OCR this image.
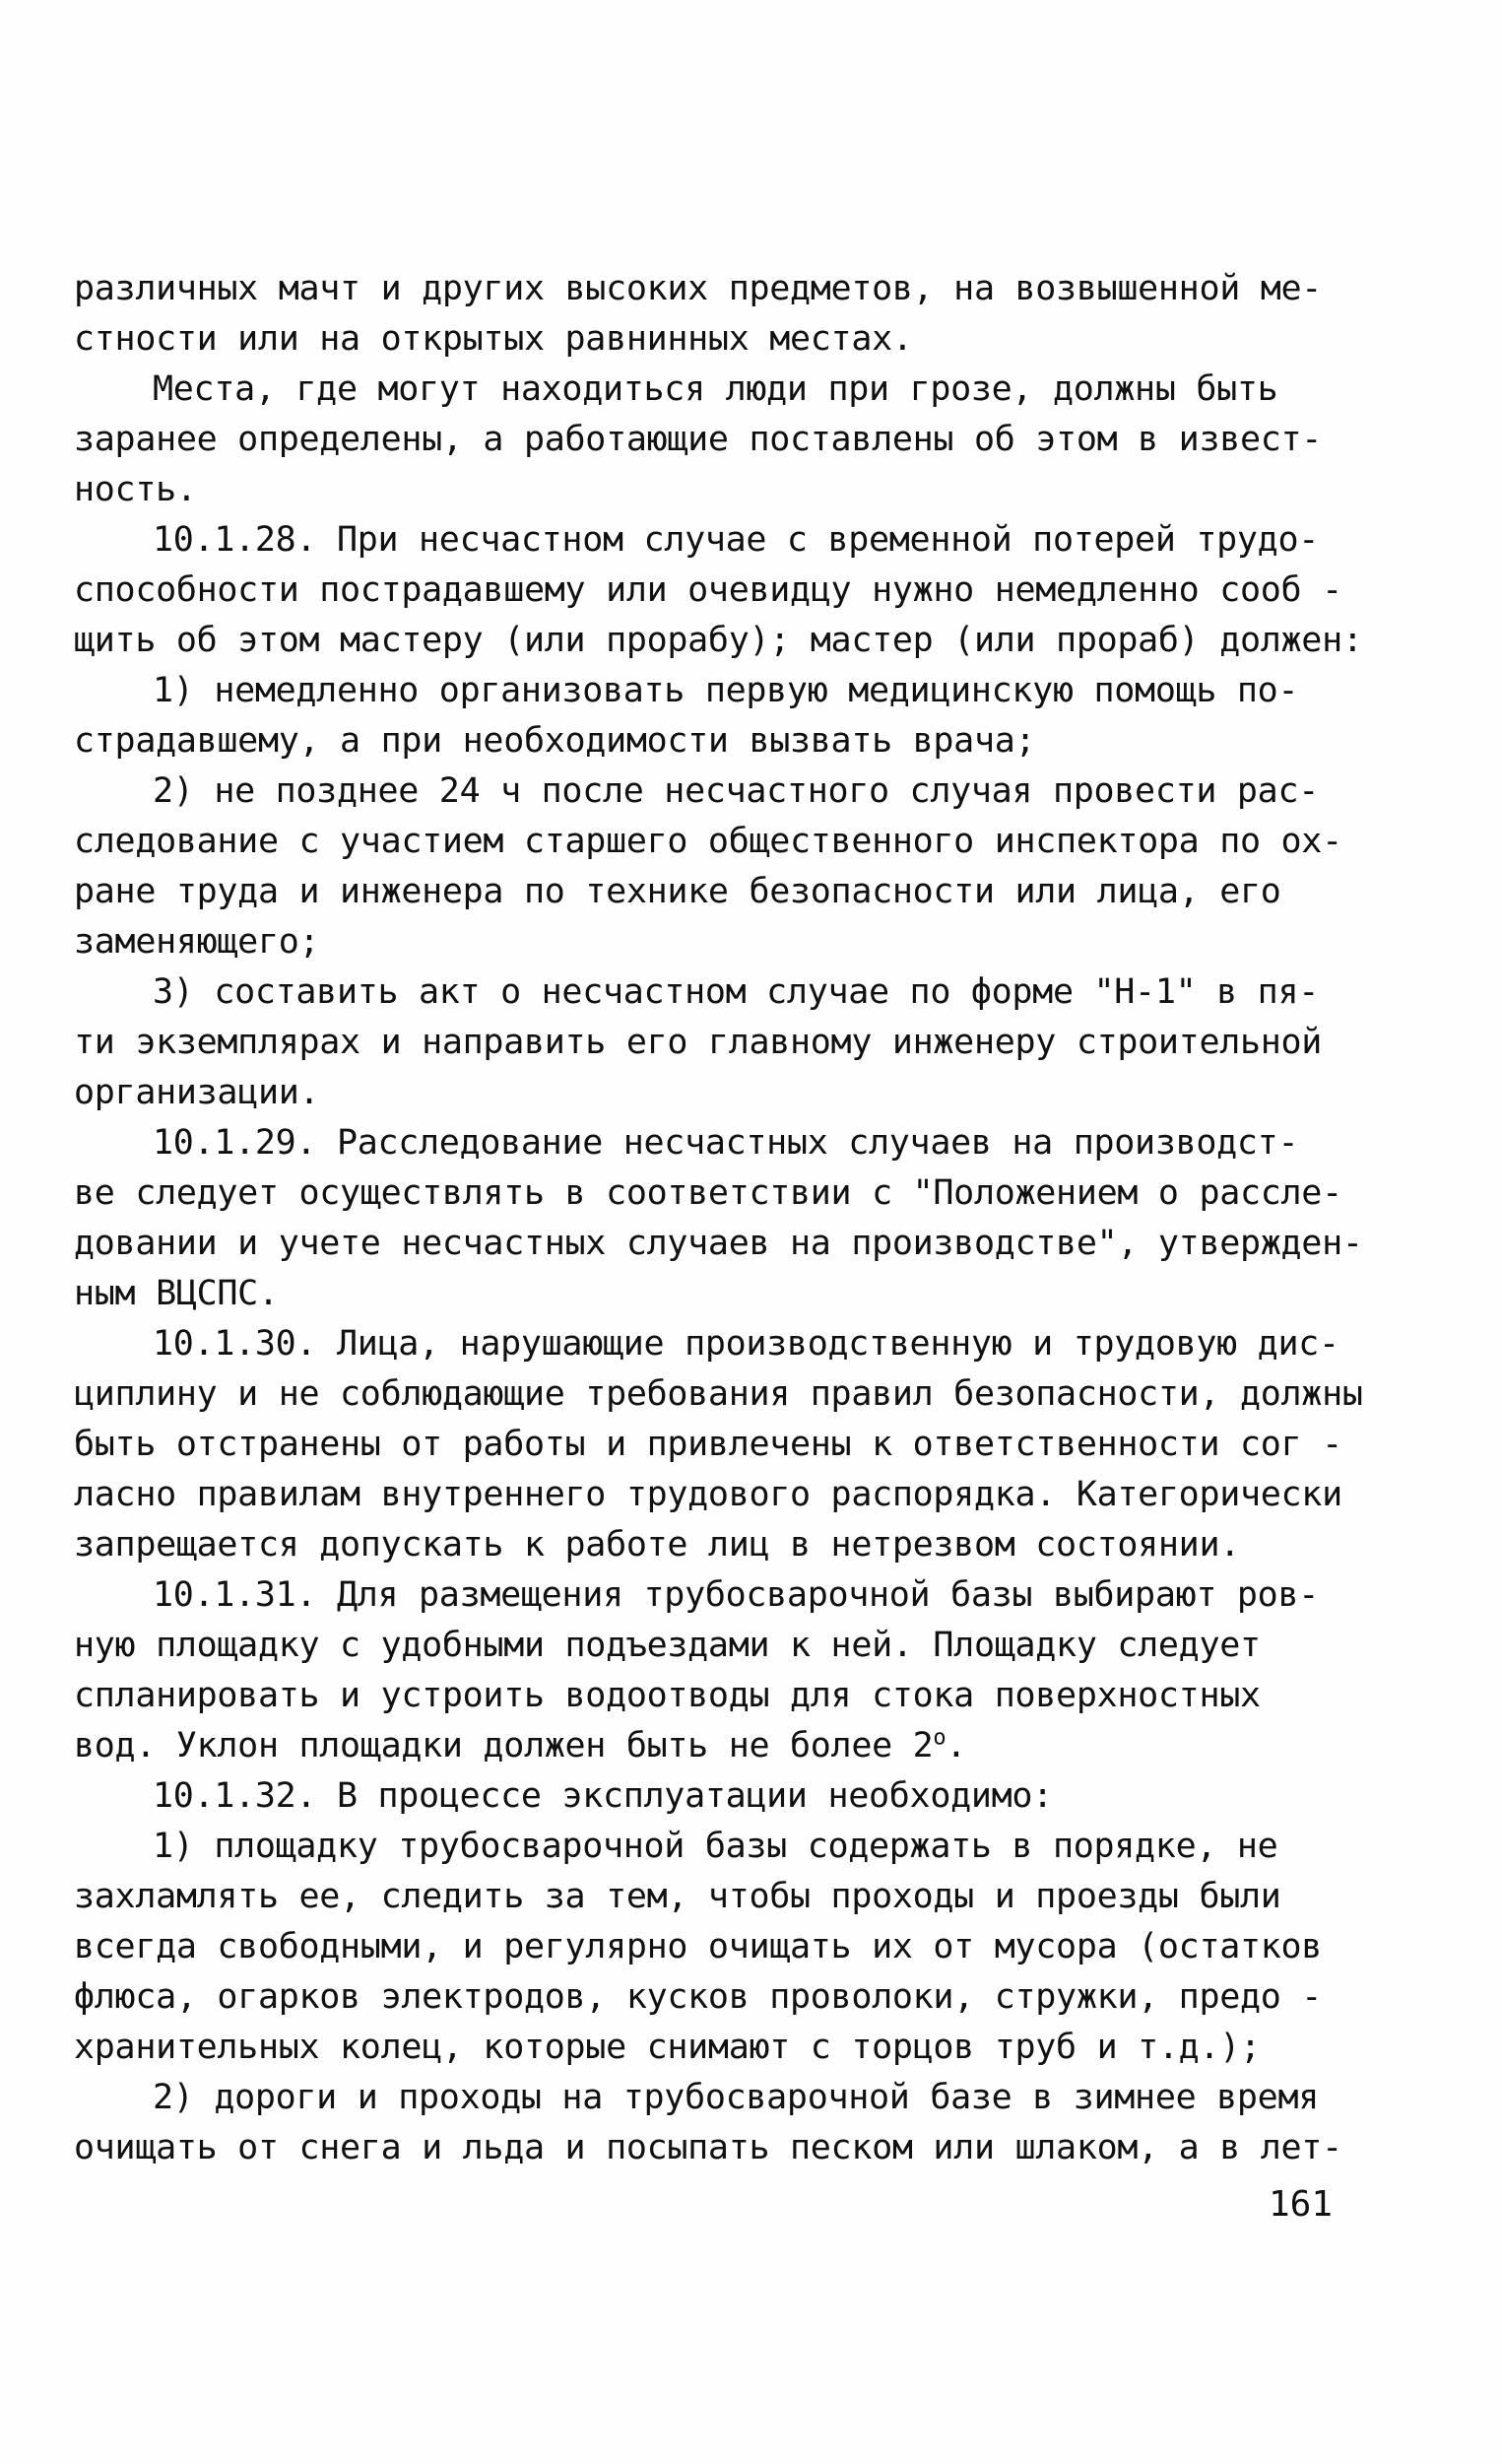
различных мачт и других высоких предметов, на возвышенной ме-
стности или на открытых равнинных местах.
Места, где могут находиться люди при грозе, должны быть
заранее определены, а работающие поставлены об этом в извест-
ность.
10.1.28. При несчастном случае с временной потерей трудо-
способности пострадавшему или очевидцу нужно немедленно сооб -
щить об этом мастеру (или прорабу); мастер (или прораб) должен:
1) немедленно организовать первую медицинскую помощь по-
страдавшему, а при необходимости вызвать врача;
2) не позднее 24 ч после несчастного случая провести рас-
следование с участием старшего общественного инспектора по ох-
ране труда и инженера по технике безопасности или лица, его
заменяющего;
3) составить акт о несчастном случае по форме "Н-1" в пя-
ти экземплярах и направить его главному инженеру строительной
организации.
10.1.29. Расследование несчастных случаев на производст-
ве следует осуществлять в соответствии с "Положением о рассле-
довании и учете несчастных случаев на производстве", утвержден-
ным ВЦСПС.
10.1.30. Лица, нарушающие производственную и трудовую дис-
циплину и не соблюдающие требования правил безопасности, должны
быть отстранены от работы и привлечены к ответственности сог -
ласно правилам внутреннего трудового распорядка. Категорически
запрещается допускать к работе лиц в нетрезвом состоянии.
10.1.31. Для размещения трубосварочной базы выбирают ров-
ную площадку с удобными подъездами к ней. Площадку следует
спланировать и устроить водоотводы для стока поверхностных
вод. Уклон площадки должен быть не более 2$^o$.
10.1.32. В процессе эксплуатации необходимо:
1) площадку трубосварочной базы содержать в порядке, не
захламлять ее, следить за тем, чтобы проходы и проезды были
всегда свободными, и регулярно очищать их от мусора (остатков
флюса, огарков электродов, кусков проволоки, стружки, предо -
хранительных колец, которые снимают с торцов труб и т.д.);
2) дороги и проходы на трубосварочной базе в зимнее время
очищать от снега и льда и посыпать песком или шлаком, а в лет-
161
